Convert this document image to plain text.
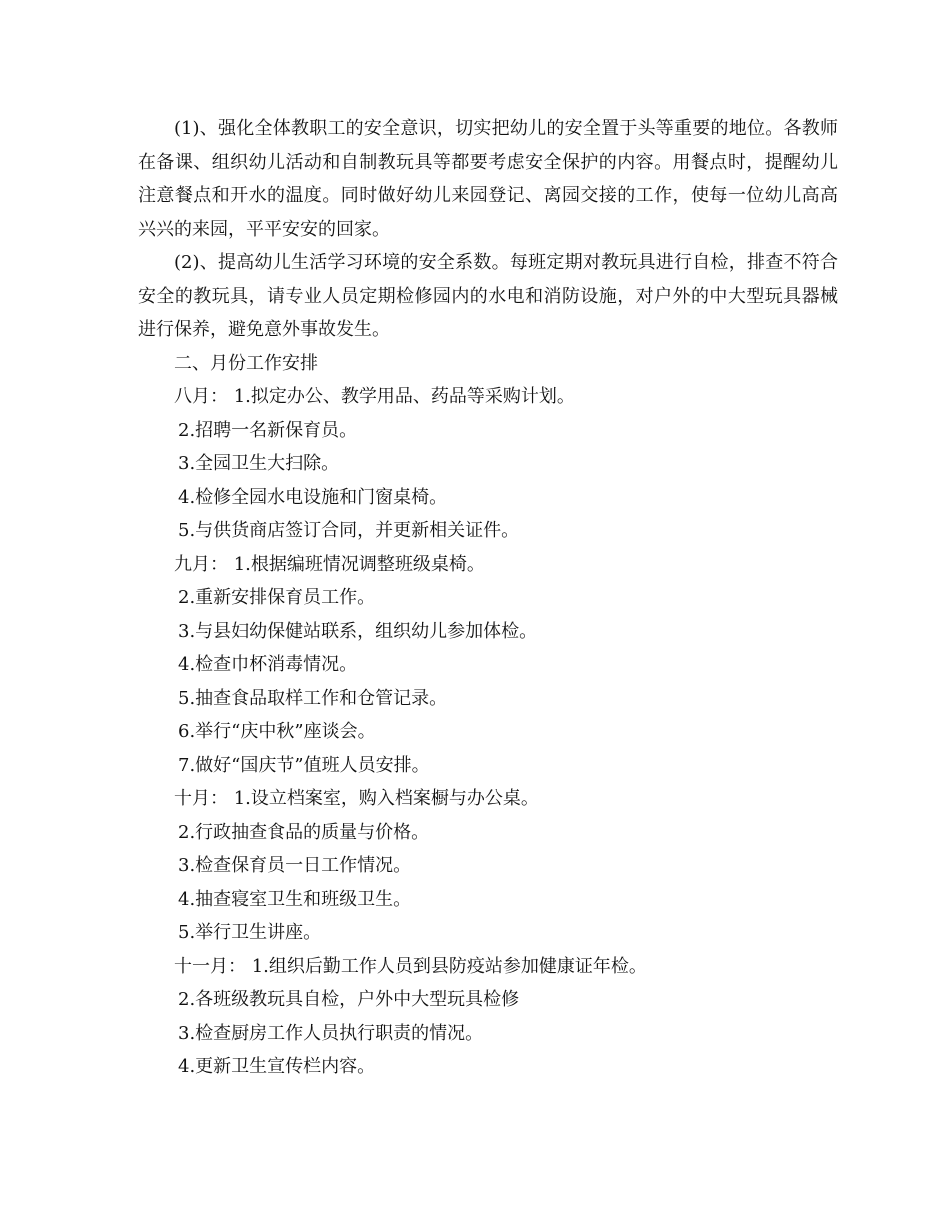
(1)、强化全体教职工的安全意识，切实把幼儿的安全置于头等重要的地位。各教师在备课、组织幼儿活动和自制教玩具等都要考虑安全保护的内容。用餐点时，提醒幼儿注意餐点和开水的温度。同时做好幼儿来园登记、离园交接的工作，使每一位幼儿高高兴兴的来园，平平安安的回家。

(2)、提高幼儿生活学习环境的安全系数。每班定期对教玩具进行自检，排查不符合安全的教玩具，请专业人员定期检修园内的水电和消防设施，对户外的中大型玩具器械进行保养，避免意外事故发生。

二、月份工作安排

八月： 1.拟定办公、教学用品、药品等采购计划。

2.招聘一名新保育员。

3.全园卫生大扫除。

4.检修全园水电设施和门窗桌椅。

5.与供货商店签订合同，并更新相关证件。

九月： 1.根据编班情况调整班级桌椅。

2.重新安排保育员工作。

3.与县妇幼保健站联系，组织幼儿参加体检。

4.检查巾杯消毒情况。

5.抽查食品取样工作和仓管记录。

6.举行“庆中秋”座谈会。

7.做好“国庆节”值班人员安排。

十月： 1.设立档案室，购入档案橱与办公桌。

2.行政抽查食品的质量与价格。

3.检查保育员一日工作情况。

4.抽查寝室卫生和班级卫生。

5.举行卫生讲座。

十一月： 1.组织后勤工作人员到县防疫站参加健康证年检。

2.各班级教玩具自检，户外中大型玩具检修

3.检查厨房工作人员执行职责的情况。

4.更新卫生宣传栏内容。
